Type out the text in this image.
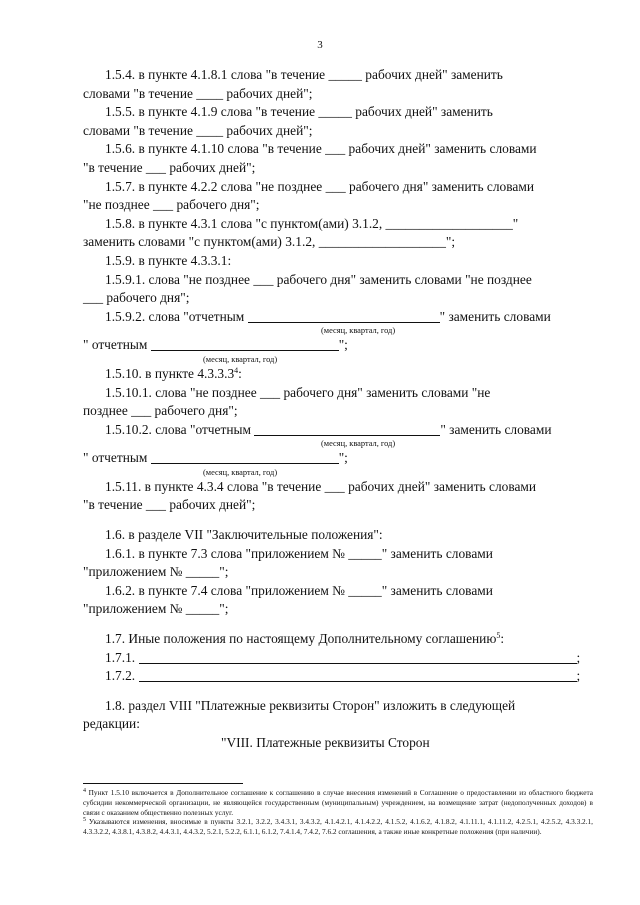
3

1.5.4. в пункте 4.1.8.1 слова "в течение _____ рабочих дней" заменить

словами "в течение ____ рабочих дней";

1.5.5. в пункте 4.1.9 слова "в течение _____ рабочих дней" заменить

словами "в течение ____ рабочих дней";

1.5.6. в пункте 4.1.10 слова "в течение ___ рабочих дней" заменить словами

"в течение ___ рабочих дней";

1.5.7. в пункте 4.2.2 слова "не позднее ___ рабочего дня" заменить словами

"не позднее ___ рабочего дня";

1.5.8. в пункте 4.3.1 слова "с пунктом(ами) 3.1.2, ___________________"

заменить словами "с пунктом(ами) 3.1.2, ___________________";

1.5.9. в пункте 4.3.3.1:

1.5.9.1. слова "не позднее ___ рабочего дня" заменить словами "не позднее

___ рабочего дня";

1.5.9.2. слова "отчетным	" заменить словами

(месяц, квартал, год)

" отчетным	";

(месяц, квартал, год)

1.5.10. в пункте 4.3.3.3$^4$:

1.5.10.1. слова "не позднее ___ рабочего дня" заменить словами "не

позднее ___ рабочего дня";

1.5.10.2. слова "отчетным	" заменить словами

(месяц, квартал, год)

" отчетным	";

(месяц, квартал, год)

1.5.11. в пункте 4.3.4 слова "в течение ___ рабочих дней" заменить словами

"в течение ___ рабочих дней";

1.6. в разделе VII "Заключительные положения":

1.6.1. в пункте 7.3 слова "приложением № _____" заменить словами

"приложением № _____";

1.6.2. в пункте 7.4 слова "приложением № _____" заменить словами

"приложением № _____";

1.7. Иные положения по настоящему Дополнительному соглашению$^5$:

1.7.1.	;

1.7.2.	;

1.8. раздел VIII "Платежные реквизиты Сторон" изложить в следующей

редакции:

"VIII. Платежные реквизиты Сторон

$^4$ Пункт 1.5.10 включается в Дополнительное соглашение к соглашению в случае внесения изменений в Соглашение о предоставлении из областного бюджета субсидии некоммерческой организации, не являющейся государственным (муниципальным) учреждением, на возмещение затрат (недополученных доходов) в связи с оказанием общественно полезных услуг.

$^5$ Указываются изменения, вносимые в пункты 3.2.1, 3.2.2, 3.4.3.1, 3.4.3.2, 4.1.4.2.1, 4.1.4.2.2, 4.1.5.2, 4.1.6.2, 4.1.8.2, 4.1.11.1, 4.1.11.2, 4.2.5.1, 4.2.5.2, 4.3.3.2.1, 4.3.3.2.2, 4.3.8.1, 4.3.8.2, 4.4.3.1, 4.4.3.2, 5.2.1, 5.2.2, 6.1.1, 6.1.2, 7.4.1.4, 7.4.2, 7.6.2 соглашения, а также иные конкретные положения (при наличии).
